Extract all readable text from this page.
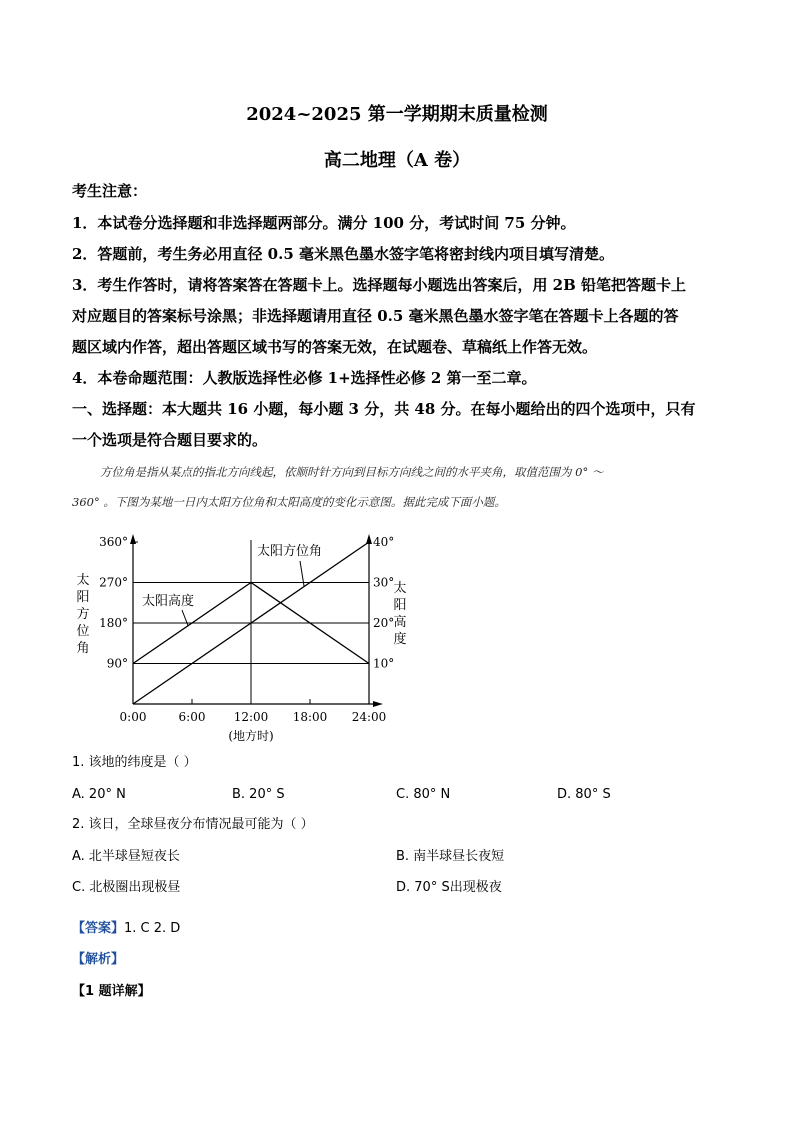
2024~2025 第一学期期末质量检测
高二地理（A 卷）

考生注意：

1．本试卷分选择题和非选择题两部分。满分 100 分，考试时间 75 分钟。

2．答题前，考生务必用直径 0.5 毫米黑色墨水签字笔将密封线内项目填写清楚。

3．考生作答时，请将答案答在答题卡上。选择题每小题选出答案后，用 2B 铅笔把答题卡上

对应题目的答案标号涂黑；非选择题请用直径 0.5 毫米黑色墨水签字笔在答题卡上各题的答

题区域内作答，超出答题区域书写的答案无效，在试题卷、草稿纸上作答无效。

4．本卷命题范围：人教版选择性必修 1+选择性必修 2 第一至二章。

一、选择题：本大题共 16 小题，每小题 3 分，共 48 分。在每小题给出的四个选项中，只有

一个选项是符合题目要求的。

方位角是指从某点的指北方向线起，依顺时针方向到目标方向线之间的水平夹角，取值范围为 0° ～

360° 。下图为某地一日内太阳方位角和太阳高度的变化示意图。据此完成下面小题。

0:00	6:00 12:00 18:00 24:00
(地方时)
90°
180°
270°
360°
10°
20°
30°
40°
太
阳
方
位
角
太
阳
高
度
太阳方位角
太阳高度

1. 该地的纬度是（ ）

A. 20° N	B. 20° S	C. 80° N	D. 80° S

2. 该日，全球昼夜分布情况最可能为（ ）

A. 北半球昼短夜长	B. 南半球昼长夜短

C. 北极圈出现极昼	D. 70° S出现极夜

【答案】1. C 2. D

【解析】

【1 题详解】
